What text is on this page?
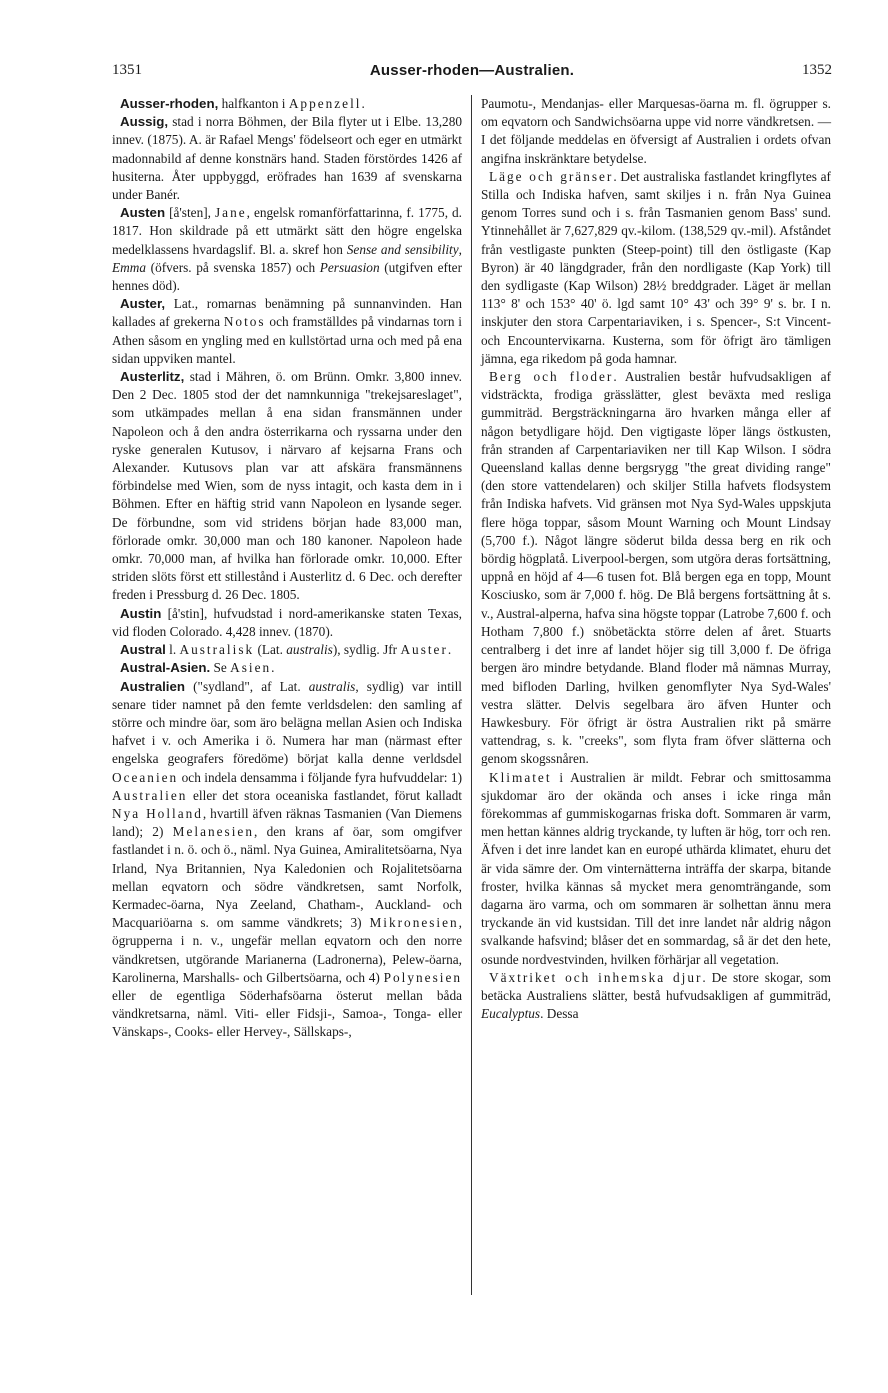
1351	Ausser-rhoden—Australien.	1352

Ausser-rhoden, halfkanton i Appenzell.

Aussig, stad i norra Böhmen, der Bila flyter ut i Elbe. 13,280 innev. (1875). A. är Rafael Mengs' födelseort och eger en utmärkt madonnabild af denne konstnärs hand. Staden förstördes 1426 af husiterna. Åter uppbyggd, eröfrades han 1639 af svenskarna under Banér.

Austen [å'sten], Jane, engelsk romanförfattarinna, f. 1775, d. 1817. Hon skildrade på ett utmärkt sätt den högre engelska medelklassens hvardagslif. Bl. a. skref hon Sense and sensibility, Emma (öfvers. på svenska 1857) och Persuasion (utgifven efter hennes död).

Auster, Lat., romarnas benämning på sunnanvinden. Han kallades af grekerna Notos och framställdes på vindarnas torn i Athen såsom en yngling med en kullstörtad urna och med på ena sidan uppviken mantel.

Austerlitz, stad i Mähren, ö. om Brünn. Omkr. 3,800 innev. Den 2 Dec. 1805 stod der det namnkunniga "trekejsareslaget", som utkämpades mellan å ena sidan fransmännen under Napoleon och å den andra österrikarna och ryssarna under den ryske generalen Kutusov, i närvaro af kejsarna Frans och Alexander. Kutusovs plan var att afskära fransmännens förbindelse med Wien, som de nyss intagit, och kasta dem in i Böhmen. Efter en häftig strid vann Napoleon en lysande seger. De förbundne, som vid stridens början hade 83,000 man, förlorade omkr. 30,000 man och 180 kanoner. Napoleon hade omkr. 70,000 man, af hvilka han förlorade omkr. 10,000. Efter striden slöts först ett stillestånd i Austerlitz d. 6 Dec. och derefter freden i Pressburg d. 26 Dec. 1805.

Austin [å'stin], hufvudstad i nord-amerikanske staten Texas, vid floden Colorado. 4,428 innev. (1870).

Austral l. Australisk (Lat. australis), sydlig. Jfr Auster.

Austral-Asien. Se Asien.

Australien ("sydland", af Lat. australis, sydlig) var intill senare tider namnet på den femte verldsdelen: den samling af större och mindre öar, som äro belägna mellan Asien och Indiska hafvet i v. och Amerika i ö. Numera har man (närmast efter engelska geografers föredöme) börjat kalla denne verldsdel Oceanien och indela densamma i följande fyra hufvuddelar: 1) Australien eller det stora oceaniska fastlandet, förut kalladt Nya Holland, hvartill äfven räknas Tasmanien (Van Diemens land); 2) Melanesien, den krans af öar, som omgifver fastlandet i n. ö. och ö., näml. Nya Guinea, Amiralitetsöarna, Nya Irland, Nya Britannien, Nya Kaledonien och Rojalitetsöarna mellan eqvatorn och södre vändkretsen, samt Norfolk, Kermadec-öarna, Nya Zeeland, Chatham-, Auckland- och Macquariöarna s. om samme vändkrets; 3) Mikronesien, ögrupperna i n. v., ungefär mellan eqvatorn och den norre vändkretsen, utgörande Marianerna (Ladronerna), Pelew-öarna, Karolinerna, Marshalls- och Gilbertsöarna, och 4) Polynesien eller de egentliga Söderhafsöarna österut mellan båda vändkretsarna, näml. Viti- eller Fidsji-, Samoa-, Tonga- eller Vänskaps-, Cooks- eller Hervey-, Sällskaps-,

Paumotu-, Mendanjas- eller Marquesas-öarna m. fl. ögrupper s. om eqvatorn och Sandwichsöarna uppe vid norre vändkretsen. — I det följande meddelas en öfversigt af Australien i ordets ofvan angifna inskränktare betydelse.

Läge och gränser. Det australiska fastlandet kringflytes af Stilla och Indiska hafven, samt skiljes i n. från Nya Guinea genom Torres sund och i s. från Tasmanien genom Bass' sund. Ytinnehållet är 7,627,829 qv.-kilom. (138,529 qv.-mil). Afståndet från vestligaste punkten (Steep-point) till den östligaste (Kap Byron) är 40 längdgrader, från den nordligaste (Kap York) till den sydligaste (Kap Wilson) 28½ breddgrader. Läget är mellan 113° 8' och 153° 40' ö. lgd samt 10° 43' och 39° 9' s. br. I n. inskjuter den stora Carpentariaviken, i s. Spencer-, S:t Vincent- och Encounterviкarna. Kusterna, som för öfrigt äro tämligen jämna, ega rikedom på goda hamnar.

Berg och floder. Australien består hufvudsakligen af vidsträckta, frodiga grässlätter, glest beväxta med resliga gummiträd. Bergsträckningarna äro hvarken många eller af någon betydligare höjd. Den vigtigaste löper längs östkusten, från stranden af Carpentariaviken ner till Kap Wilson. I södra Queensland kallas denne bergsrygg "the great dividing range" (den store vattendelaren) och skiljer Stilla hafvets flodsystem från Indiska hafvets. Vid gränsen mot Nya Syd-Wales uppskjuta flere höga toppar, såsom Mount Warning och Mount Lindsay (5,700 f.). Något längre söderut bilda dessa berg en rik och bördig högplatå. Liverpool-bergen, som utgöra deras fortsättning, uppnå en höjd af 4—6 tusen fot. Blå bergen ega en topp, Mount Kosciusko, som är 7,000 f. hög. De Blå bergens fortsättning åt s. v., Austral-alperna, hafva sina högste toppar (Latrobe 7,600 f. och Hotham 7,800 f.) snöbetäckta större delen af året. Stuarts centralberg i det inre af landet höjer sig till 3,000 f. De öfriga bergen äro mindre betydande. Bland floder må nämnas Murray, med bifloden Darling, hvilken genomflyter Nya Syd-Wales' vestra slätter. Delvis segelbara äro äfven Hunter och Hawkesbury. För öfrigt är östra Australien rikt på smärre vattendrag, s. k. "creeks", som flyta fram öfver slätterna och genom skogssnåren.

Klimatet i Australien är mildt. Febrar och smittosamma sjukdomar äro der okända och anses i icke ringa mån förekommas af gummiskogarnas friska doft. Sommaren är varm, men hettan kännes aldrig tryckande, ty luften är hög, torr och ren. Äfven i det inre landet kan en europé uthärda klimatet, ehuru det är vida sämre der. Om vinternätterna inträffa der skarpa, bitande froster, hvilka kännas så mycket mera genomträngande, som dagarna äro varma, och om sommaren är solhettan ännu mera tryckande än vid kustsidan. Till det inre landet når aldrig någon svalkande hafsvind; blåser det en sommardag, så är det den hete, osunde nordvestvinden, hvilken förhärjar all vegetation.

Växtriket och inhemska djur. De store skogar, som betäcka Australiens slätter, bestå hufvudsakligen af gummiträd, Eucalyptus. Dessa
